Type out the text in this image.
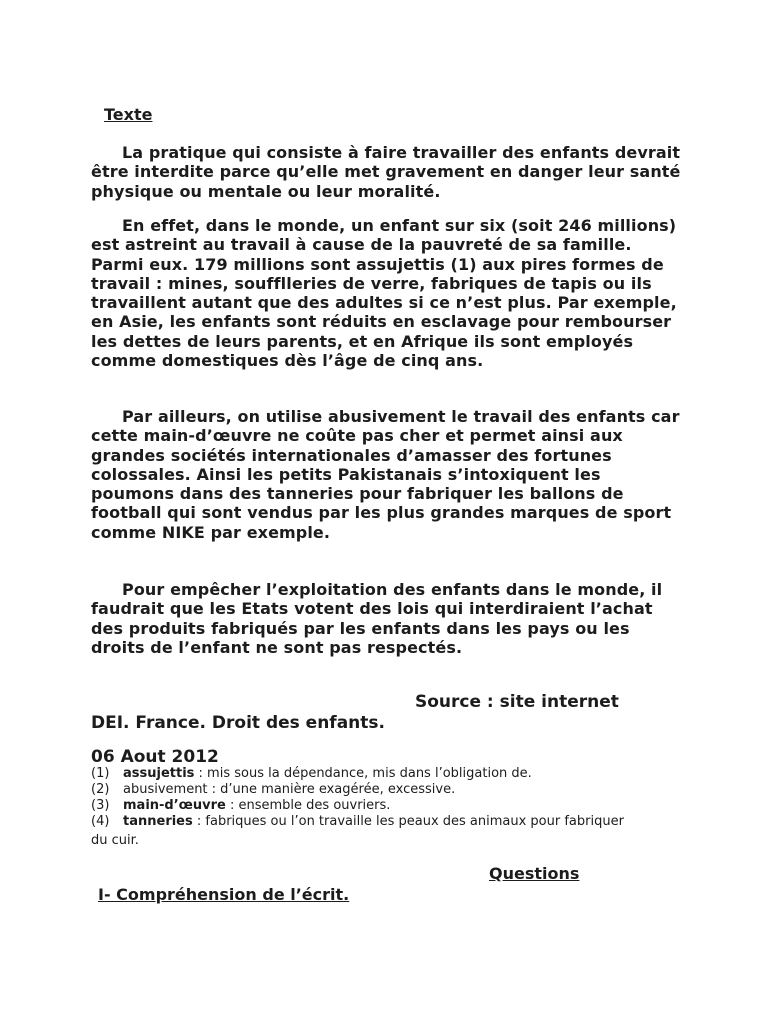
Texte

La pratique qui consiste à faire travailler des enfants devrait être interdite parce qu’elle met gravement en danger leur santé physique ou mentale ou leur moralité.

En effet, dans le monde, un enfant sur six (soit 246 millions) est astreint au travail à cause de la pauvreté de sa famille. Parmi eux. 179 millions sont assujettis (1) aux pires formes de travail : mines, soufflleries de verre, fabriques de tapis ou ils travaillent autant que des adultes si ce n’est plus. Par exemple, en Asie, les enfants sont réduits en esclavage pour rembourser les dettes de leurs parents, et en Afrique ils sont employés comme domestiques dès l’âge de cinq ans.

Par ailleurs, on utilise abusivement le travail des enfants car cette main-d’œuvre ne coûte pas cher et permet ainsi aux grandes sociétés internationales d’amasser des fortunes colossales. Ainsi les petits Pakistanais s’intoxiquent les poumons dans des tanneries pour fabriquer les ballons de football qui sont vendus par les plus grandes marques de sport comme NIKE par exemple.

Pour empêcher l’exploitation des enfants dans le monde, il faudrait que les Etats votent des lois qui interdiraient l’achat des produits fabriqués par les enfants dans les pays ou les droits de l’enfant ne sont pas respectés.

Source : site internet

DEI. France. Droit des enfants.

06 Aout 2012

(1) assujettis : mis sous la dépendance, mis dans l’obligation de.
(2) abusivement : d’une manière exagérée, excessive.
(3) main-d’œuvre : ensemble des ouvriers.
(4) tanneries : fabriques ou l’on travaille les peaux des animaux pour fabriquer
du cuir.

Questions

I- Compréhension de l’écrit.
